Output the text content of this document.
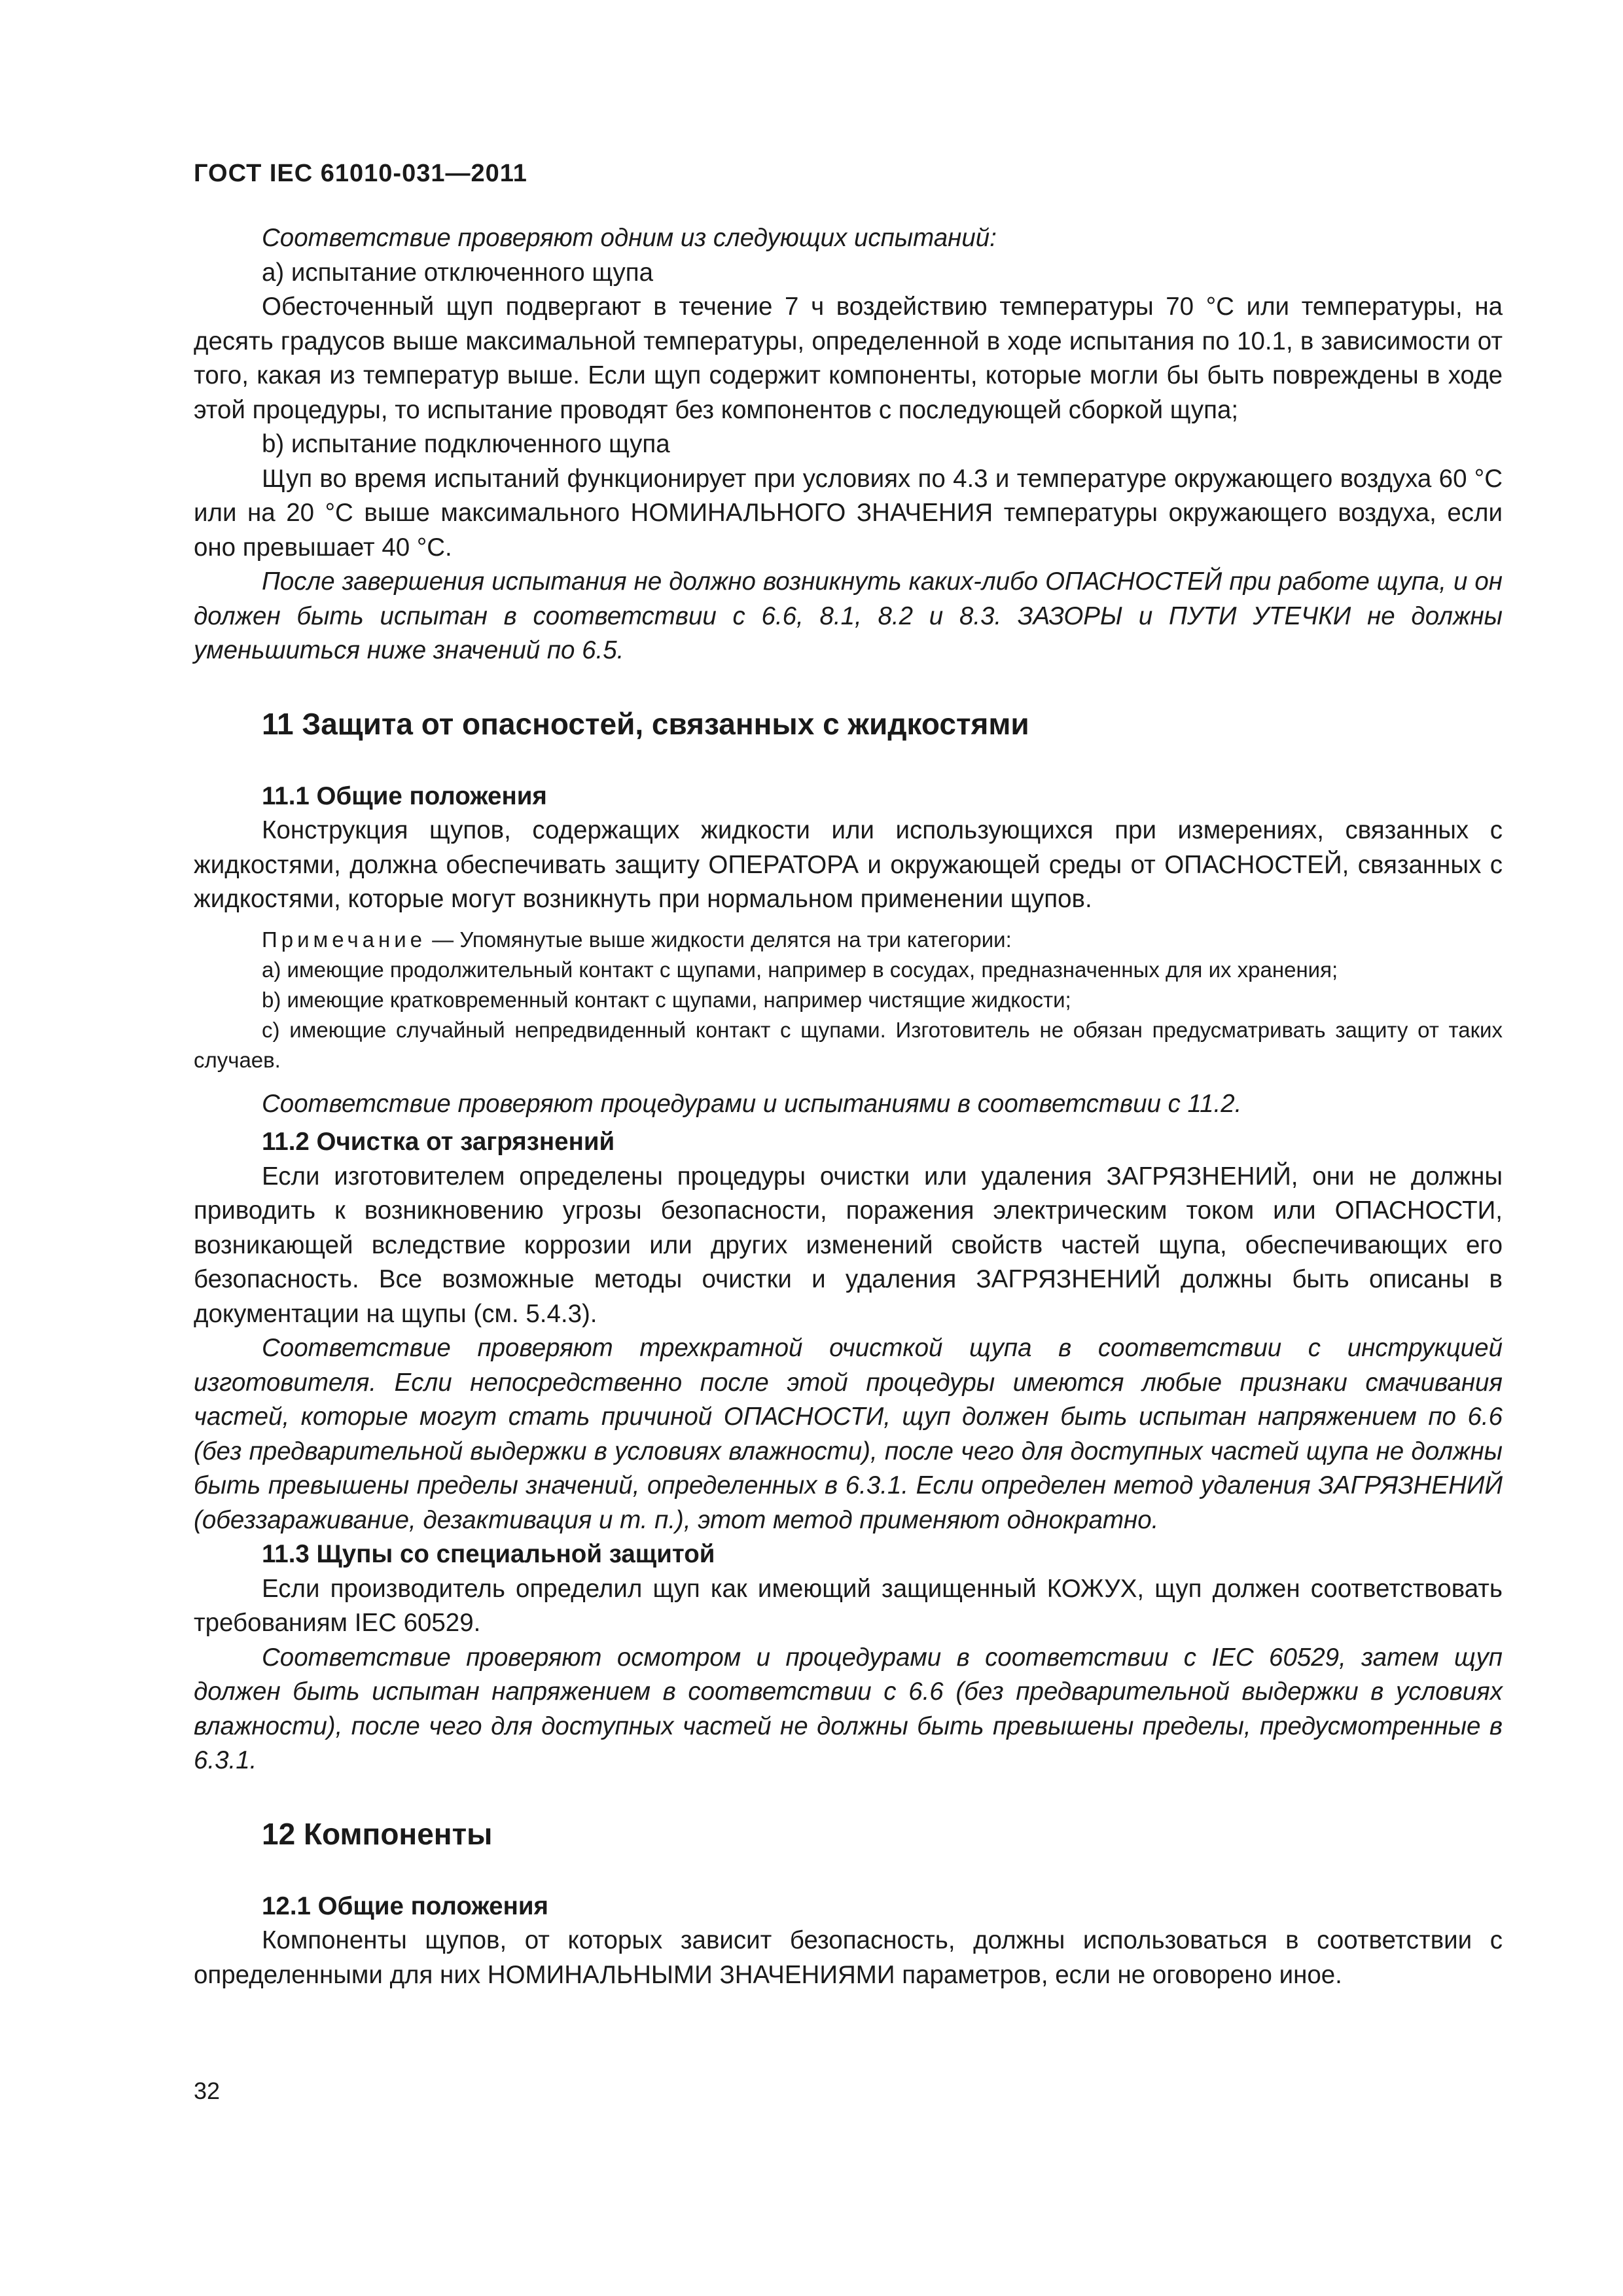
ГОСТ IEC 61010-031—2011

Соответствие проверяют одним из следующих испытаний:

a) испытание отключенного щупа

Обесточенный щуп подвергают в течение 7 ч воздействию температуры 70 °С или температуры, на десять градусов выше максимальной температуры, определенной в ходе испытания по 10.1, в зависимости от того, какая из температур выше. Если щуп содержит компоненты, которые могли бы быть повреждены в ходе этой процедуры, то испытание проводят без компонентов с последующей сборкой щупа;

b) испытание подключенного щупа

Щуп во время испытаний функционирует при условиях по 4.3 и температуре окружающего воздуха 60 °С или на 20 °С выше максимального НОМИНАЛЬНОГО ЗНАЧЕНИЯ температуры окружающего воздуха, если оно превышает 40 °С.

После завершения испытания не должно возникнуть каких-либо ОПАСНОСТЕЙ при работе щупа, и он должен быть испытан в соответствии с 6.6, 8.1, 8.2 и 8.3. ЗАЗОРЫ и ПУТИ УТЕЧКИ не должны уменьшиться ниже значений по 6.5.

11 Защита от опасностей, связанных с жидкостями

11.1 Общие положения

Конструкция щупов, содержащих жидкости или использующихся при измерениях, связанных с жидкостями, должна обеспечивать защиту ОПЕРАТОРА и окружающей среды от ОПАСНОСТЕЙ, связанных с жидкостями, которые могут возникнуть при нормальном применении щупов.

Примечание — Упомянутые выше жидкости делятся на три категории:

a) имеющие продолжительный контакт с щупами, например в сосудах, предназначенных для их хранения;

b) имеющие кратковременный контакт с щупами, например чистящие жидкости;

c) имеющие случайный непредвиденный контакт с щупами. Изготовитель не обязан предусматривать защиту от таких случаев.

Соответствие проверяют процедурами и испытаниями в соответствии с 11.2.

11.2 Очистка от загрязнений

Если изготовителем определены процедуры очистки или удаления ЗАГРЯЗНЕНИЙ, они не должны приводить к возникновению угрозы безопасности, поражения электрическим током или ОПАСНОСТИ, возникающей вследствие коррозии или других изменений свойств частей щупа, обеспечивающих его безопасность. Все возможные методы очистки и удаления ЗАГРЯЗНЕНИЙ должны быть описаны в документации на щупы (см. 5.4.3).

Соответствие проверяют трехкратной очисткой щупа в соответствии с инструкцией изготовителя. Если непосредственно после этой процедуры имеются любые признаки смачивания частей, которые могут стать причиной ОПАСНОСТИ, щуп должен быть испытан напряжением по 6.6 (без предварительной выдержки в условиях влажности), после чего для доступных частей щупа не должны быть превышены пределы значений, определенных в 6.3.1. Если определен метод удаления ЗАГРЯЗНЕНИЙ (обеззараживание, дезактивация и т. п.), этот метод применяют однократно.

11.3 Щупы со специальной защитой

Если производитель определил щуп как имеющий защищенный КОЖУХ, щуп должен соответствовать требованиям IEC 60529.

Соответствие проверяют осмотром и процедурами в соответствии с IEC 60529, затем щуп должен быть испытан напряжением в соответствии с 6.6 (без предварительной выдержки в условиях влажности), после чего для доступных частей не должны быть превышены пределы, предусмотренные в 6.3.1.

12 Компоненты

12.1 Общие положения

Компоненты щупов, от которых зависит безопасность, должны использоваться в соответствии с определенными для них НОМИНАЛЬНЫМИ ЗНАЧЕНИЯМИ параметров, если не оговорено иное.

32
